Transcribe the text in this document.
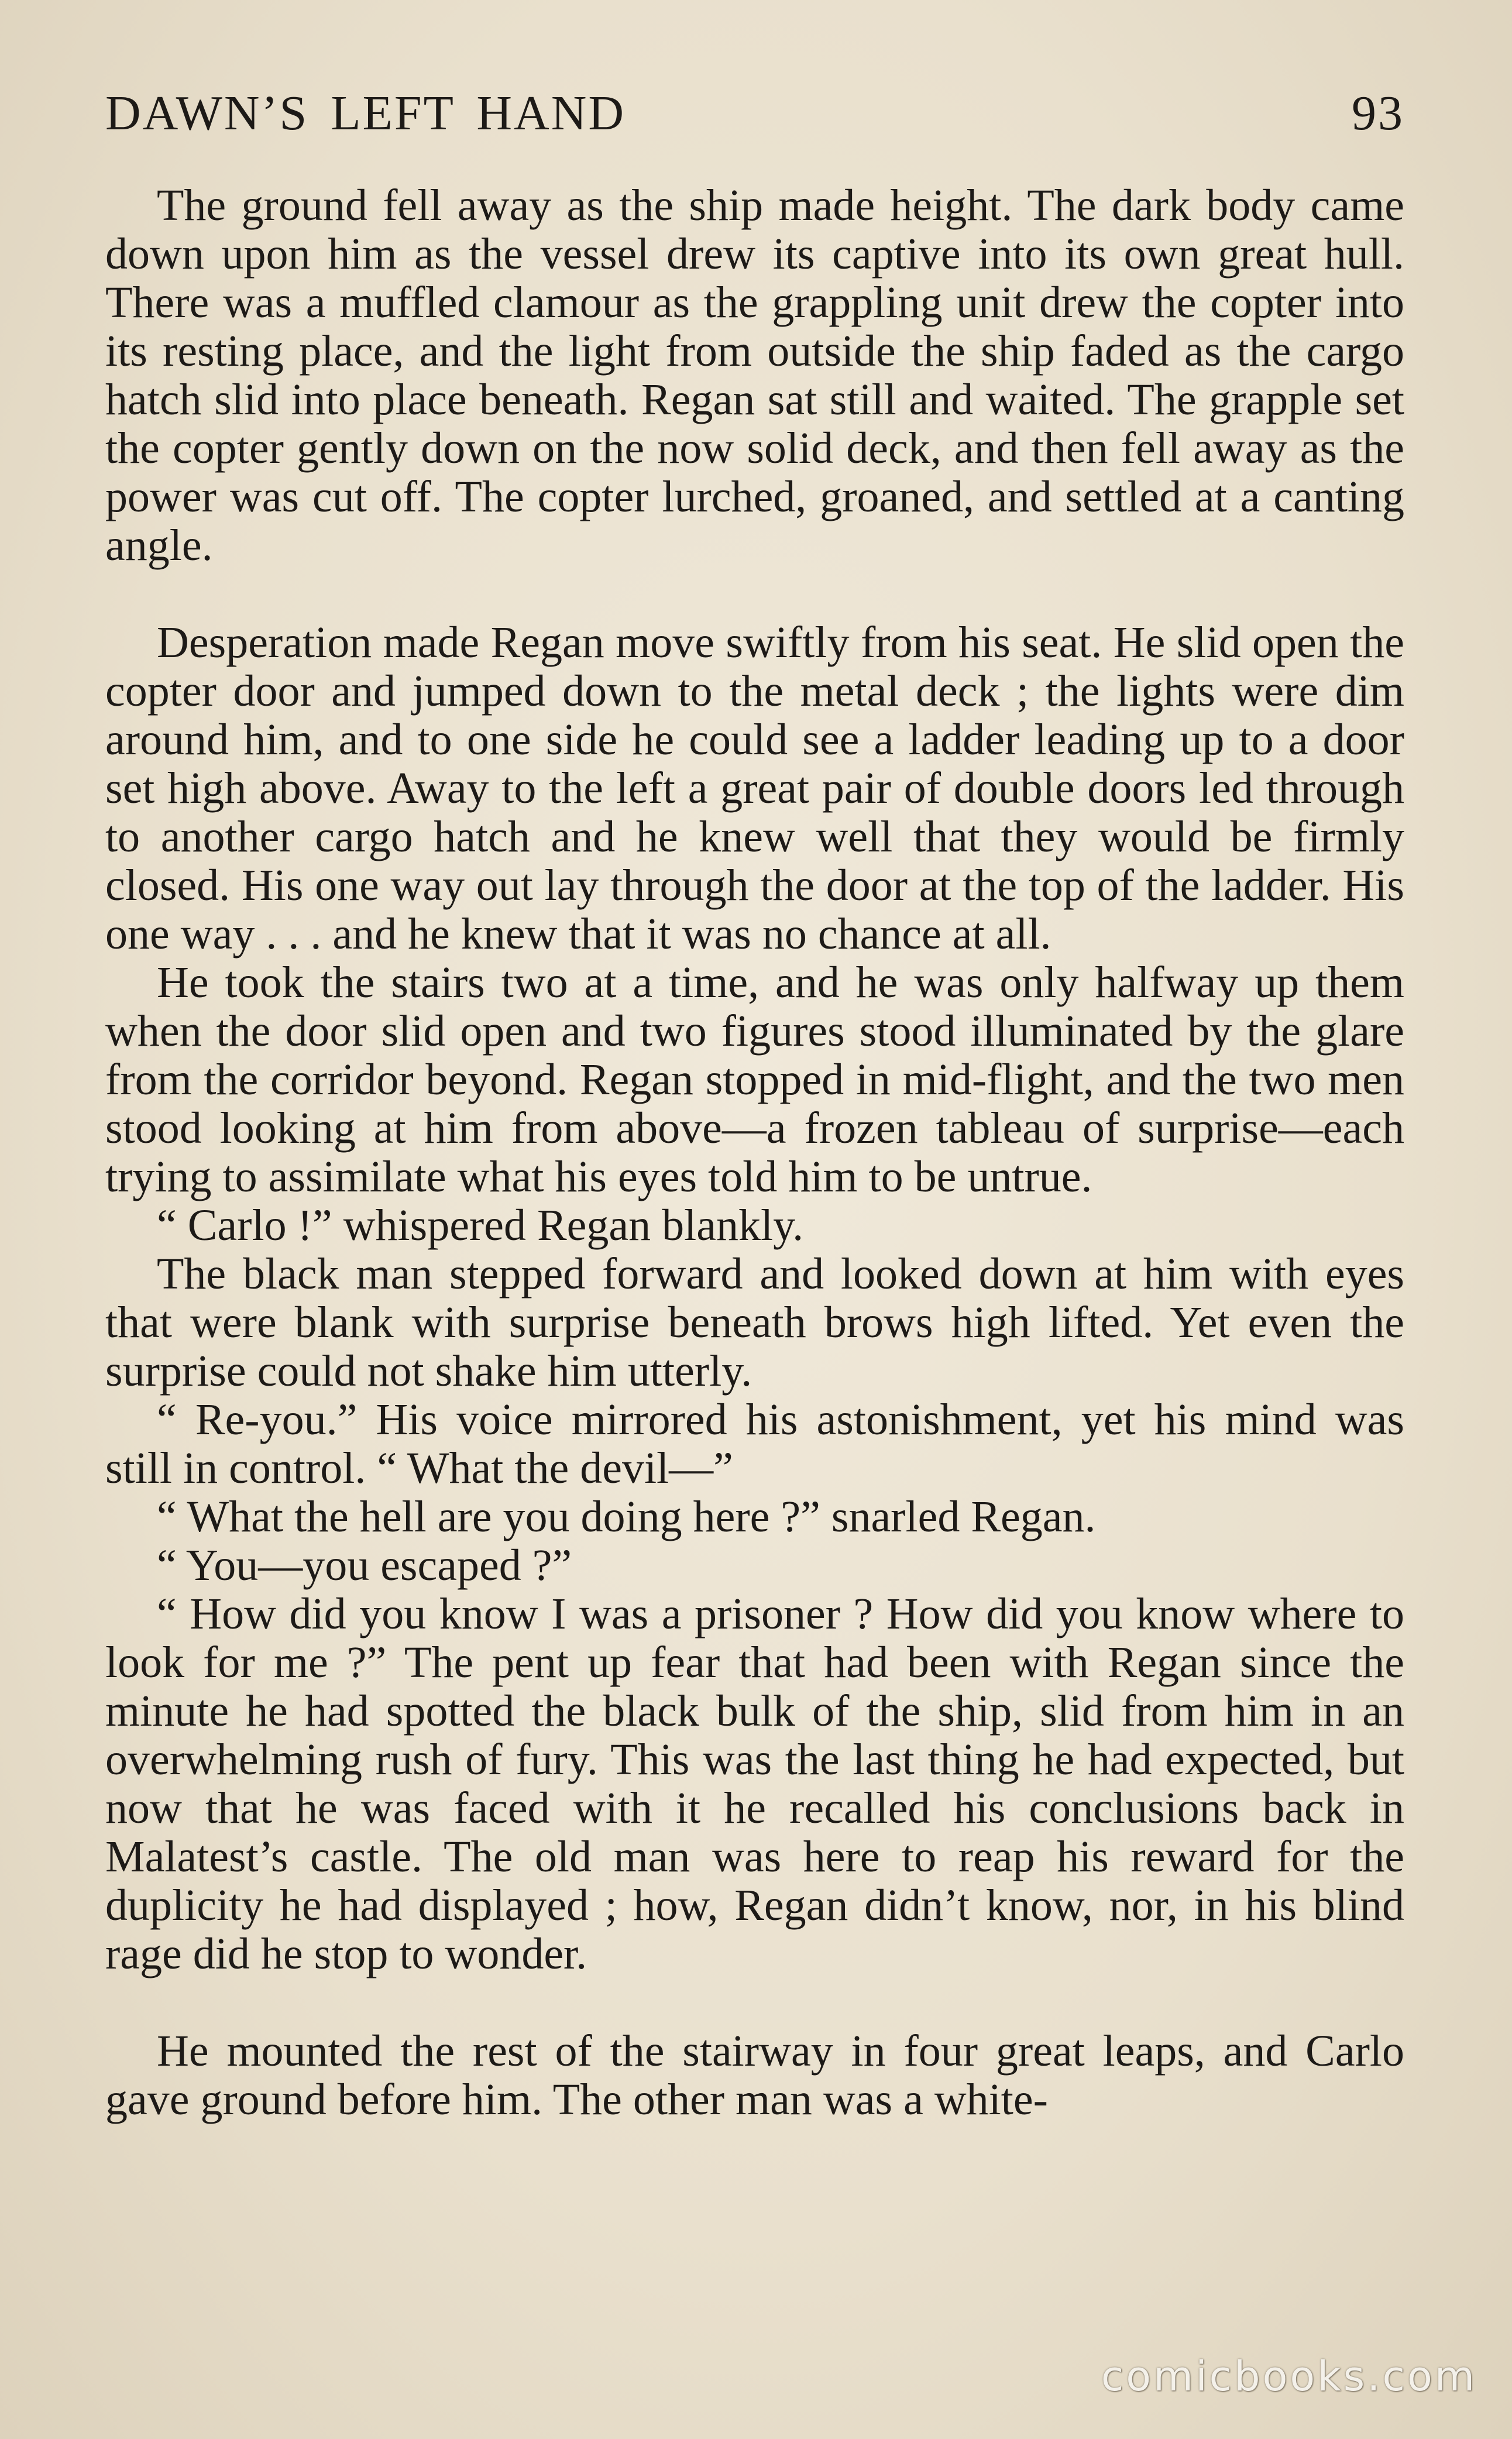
DAWN’S LEFT HAND	93

The ground fell away as the ship made height. The dark body came down upon him as the vessel drew its captive into its own great hull. There was a muffled clamour as the grappling unit drew the copter into its resting place, and the light from outside the ship faded as the cargo hatch slid into place beneath. Regan sat still and waited. The grapple set the copter gently down on the now solid deck, and then fell away as the power was cut off. The copter lurched, groaned, and settled at a canting angle.

Desperation made Regan move swiftly from his seat. He slid open the copter door and jumped down to the metal deck ; the lights were dim around him, and to one side he could see a ladder leading up to a door set high above. Away to the left a great pair of double doors led through to another cargo hatch and he knew well that they would be firmly closed. His one way out lay through the door at the top of the ladder. His one way . . . and he knew that it was no chance at all.

He took the stairs two at a time, and he was only halfway up them when the door slid open and two figures stood illuminated by the glare from the corridor beyond. Regan stopped in mid-flight, and the two men stood looking at him from above—a frozen tableau of surprise—each trying to assimilate what his eyes told him to be untrue.

“ Carlo !” whispered Regan blankly.

The black man stepped forward and looked down at him with eyes that were blank with surprise beneath brows high lifted. Yet even the surprise could not shake him utterly.

“ Re-you.” His voice mirrored his astonishment, yet his mind was still in control. “ What the devil—”

“ What the hell are you doing here ?” snarled Regan.

“ You—you escaped ?”

“ How did you know I was a prisoner ? How did you know where to look for me ?” The pent up fear that had been with Regan since the minute he had spotted the black bulk of the ship, slid from him in an overwhelming rush of fury. This was the last thing he had expected, but now that he was faced with it he recalled his conclusions back in Malatest’s castle. The old man was here to reap his reward for the duplicity he had displayed ; how, Regan didn’t know, nor, in his blind rage did he stop to wonder.

He mounted the rest of the stairway in four great leaps, and Carlo gave ground before him. The other man was a white-

comicbooks.com
